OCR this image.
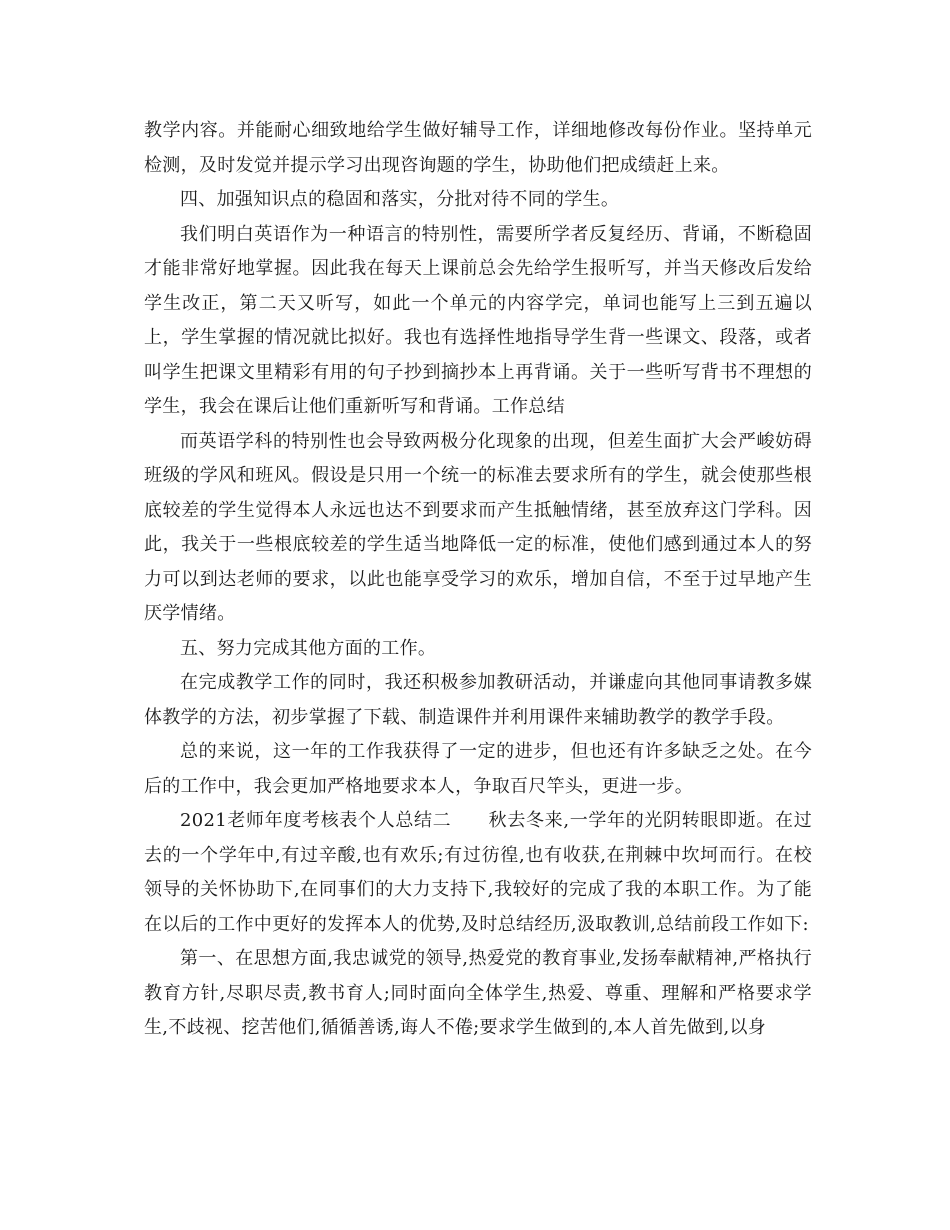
教学内容。并能耐心细致地给学生做好辅导工作，详细地修改每份作业。坚持单元检测，及时发觉并提示学习出现咨询题的学生，协助他们把成绩赶上来。

四、加强知识点的稳固和落实，分批对待不同的学生。

我们明白英语作为一种语言的特别性，需要所学者反复经历、背诵，不断稳固才能非常好地掌握。因此我在每天上课前总会先给学生报听写，并当天修改后发给学生改正，第二天又听写，如此一个单元的内容学完，单词也能写上三到五遍以上，学生掌握的情况就比拟好。我也有选择性地指导学生背一些课文、段落，或者叫学生把课文里精彩有用的句子抄到摘抄本上再背诵。关于一些听写背书不理想的学生，我会在课后让他们重新听写和背诵。工作总结

而英语学科的特别性也会导致两极分化现象的出现，但差生面扩大会严峻妨碍班级的学风和班风。假设是只用一个统一的标准去要求所有的学生，就会使那些根底较差的学生觉得本人永远也达不到要求而产生抵触情绪，甚至放弃这门学科。因此，我关于一些根底较差的学生适当地降低一定的标准，使他们感到通过本人的努力可以到达老师的要求，以此也能享受学习的欢乐，增加自信，不至于过早地产生厌学情绪。

五、努力完成其他方面的工作。

在完成教学工作的同时，我还积极参加教研活动，并谦虚向其他同事请教多媒体教学的方法，初步掌握了下载、制造课件并利用课件来辅助教学的教学手段。

总的来说，这一年的工作我获得了一定的进步，但也还有许多缺乏之处。在今后的工作中，我会更加严格地要求本人，争取百尺竿头，更进一步。

2021老师年度考核表个人总结二　　秋去冬来,一学年的光阴转眼即逝。在过去的一个学年中,有过辛酸,也有欢乐;有过彷徨,也有收获,在荆棘中坎坷而行。在校领导的关怀协助下,在同事们的大力支持下,我较好的完成了我的本职工作。为了能在以后的工作中更好的发挥本人的优势,及时总结经历,汲取教训,总结前段工作如下:

第一、在思想方面,我忠诚党的领导,热爱党的教育事业,发扬奉献精神,严格执行教育方针,尽职尽责,教书育人;同时面向全体学生,热爱、尊重、理解和严格要求学生,不歧视、挖苦他们,循循善诱,诲人不倦;要求学生做到的,本人首先做到,以身
